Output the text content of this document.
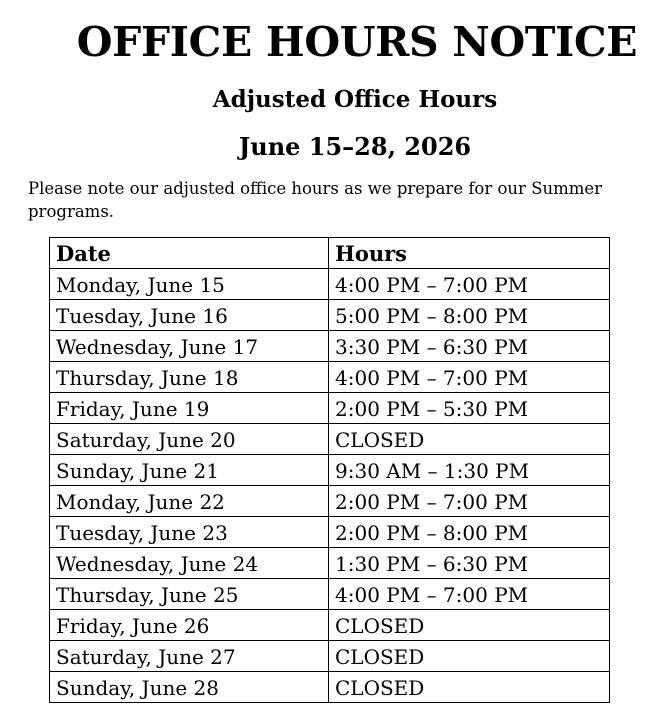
OFFICE HOURS NOTICE
Adjusted Office Hours
June 15–28, 2026
Please note our adjusted office hours as we prepare for our Summer programs.
Date	Hours
Monday, June 15	4:00 PM – 7:00 PM
Tuesday, June 16	5:00 PM – 8:00 PM
Wednesday, June 17	3:30 PM – 6:30 PM
Thursday, June 18	4:00 PM – 7:00 PM
Friday, June 19	2:00 PM – 5:30 PM
Saturday, June 20	CLOSED
Sunday, June 21	9:30 AM – 1:30 PM
Monday, June 22	2:00 PM – 7:00 PM
Tuesday, June 23	2:00 PM – 8:00 PM
Wednesday, June 24	1:30 PM – 6:30 PM
Thursday, June 25	4:00 PM – 7:00 PM
Friday, June 26	CLOSED
Saturday, June 27	CLOSED
Sunday, June 28	CLOSED
